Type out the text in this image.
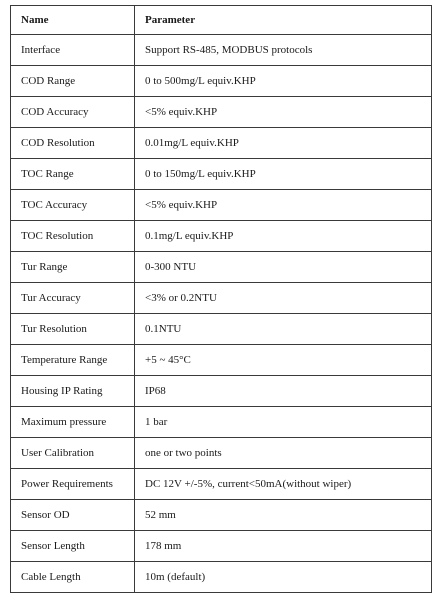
Name	Parameter
Interface	Support RS-485, MODBUS protocols
COD Range	0 to 500mg/L equiv.KHP
COD Accuracy	<5% equiv.KHP
COD Resolution	0.01mg/L equiv.KHP
TOC Range	0 to 150mg/L equiv.KHP
TOC Accuracy	<5% equiv.KHP
TOC Resolution	0.1mg/L equiv.KHP
Tur Range	0-300 NTU
Tur Accuracy	<3% or 0.2NTU
Tur Resolution	0.1NTU
Temperature Range	+5 ~ 45°C
Housing IP Rating	IP68
Maximum pressure	1 bar
User Calibration	one or two points
Power Requirements	DC 12V +/-5%, current<50mA(without wiper)
Sensor OD	52 mm
Sensor Length	178 mm
Cable Length	10m (default)
